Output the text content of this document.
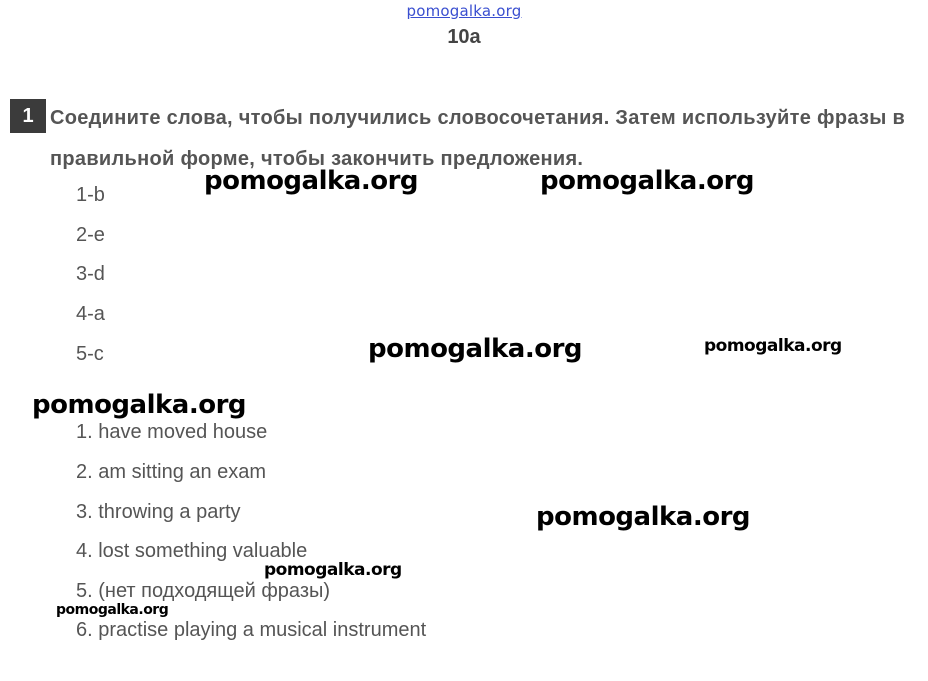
pomogalka.org
10a
1 Соедините слова, чтобы получились словосочетания. Затем используйте фразы в правильной форме, чтобы закончить предложения.
1-b
2-e
3-d
4-a
5-c
1. have moved house
2. am sitting an exam
3. throwing a party
4. lost something valuable
5. (нет подходящей фразы)
6. practise playing a musical instrument
pomogalka.org	pomogalka.org
pomogalka.org	pomogalka.org
pomogalka.org
pomogalka.org
pomogalka.org
pomogalka.org
